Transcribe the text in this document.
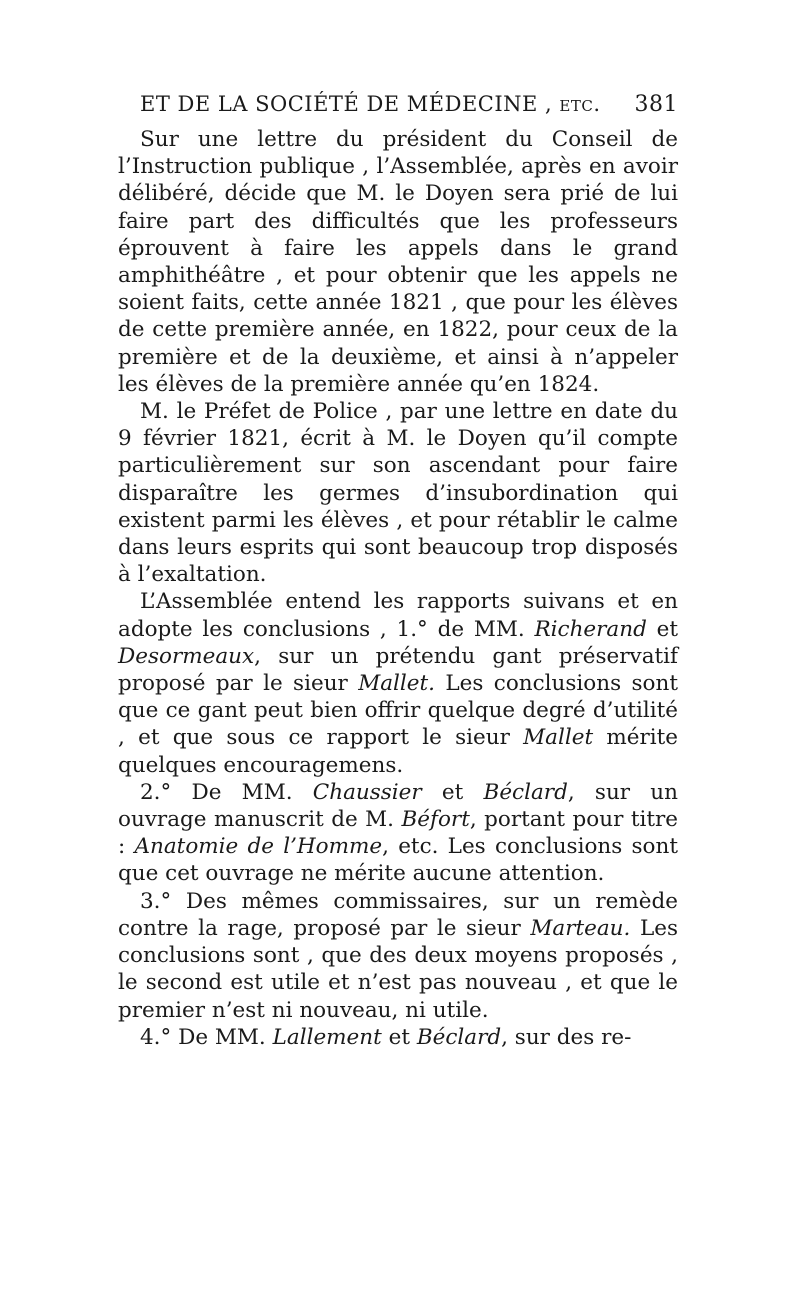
ET DE LA SOCIÉTÉ DE MÉDECINE , etc. 381

Sur une lettre du président du Conseil de l’Instruction publique , l’Assemblée, après en avoir délibéré, décide que M. le Doyen sera prié de lui faire part des difficultés que les professeurs éprouvent à faire les appels dans le grand amphithéâtre , et pour obtenir que les appels ne soient faits, cette année 1821 , que pour les élèves de cette première année, en 1822, pour ceux de la première et de la deuxième, et ainsi à n’appeler les élèves de la première année qu’en 1824.

M. le Préfet de Police , par une lettre en date du 9 février 1821, écrit à M. le Doyen qu’il compte particulièrement sur son ascendant pour faire disparaître les germes d’insubordination qui existent parmi les élèves , et pour rétablir le calme dans leurs esprits qui sont beaucoup trop disposés à l’exaltation.

L’Assemblée entend les rapports suivans et en adopte les conclusions , 1.° de MM. Richerand et Desormeaux, sur un prétendu gant préservatif proposé par le sieur Mallet. Les conclusions sont que ce gant peut bien offrir quelque degré d’utilité , et que sous ce rapport le sieur Mallet mérite quelques encouragemens.

2.° De MM. Chaussier et Béclard, sur un ouvrage manuscrit de M. Béfort, portant pour titre : Anatomie de l’Homme, etc. Les conclusions sont que cet ouvrage ne mérite aucune attention.

3.° Des mêmes commissaires, sur un remède contre la rage, proposé par le sieur Marteau. Les conclusions sont , que des deux moyens proposés , le second est utile et n’est pas nouveau , et que le premier n’est ni nouveau, ni utile.

4.° De MM. Lallement et Béclard, sur des re-
